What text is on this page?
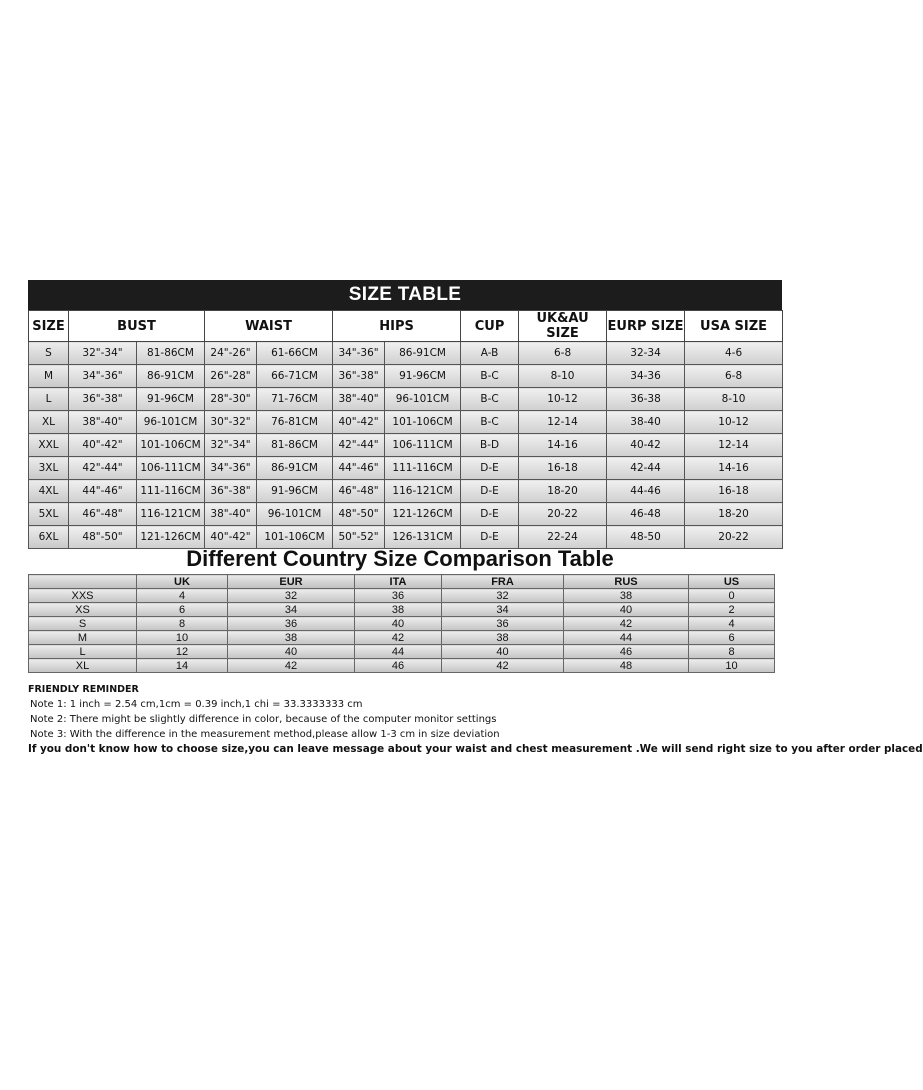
SIZE TABLE
SIZE	BUST		WAIST		HIPS		CUP	UK&AU SIZE	EURP SIZE	USA SIZE
S	32"-34"	81-86CM	24"-26"	61-66CM	34"-36"	86-91CM	A-B	6-8	32-34	4-6
M	34"-36"	86-91CM	26"-28"	66-71CM	36"-38"	91-96CM	B-C	8-10	34-36	6-8
L	36"-38"	91-96CM	28"-30"	71-76CM	38"-40"	96-101CM	B-C	10-12	36-38	8-10
XL	38"-40"	96-101CM	30"-32"	76-81CM	40"-42"	101-106CM	B-C	12-14	38-40	10-12
XXL	40"-42"	101-106CM	32"-34"	81-86CM	42"-44"	106-111CM	B-D	14-16	40-42	12-14
3XL	42"-44"	106-111CM	34"-36"	86-91CM	44"-46"	111-116CM	D-E	16-18	42-44	14-16
4XL	44"-46"	111-116CM	36"-38"	91-96CM	46"-48"	116-121CM	D-E	18-20	44-46	16-18
5XL	46"-48"	116-121CM	38"-40"	96-101CM	48"-50"	121-126CM	D-E	20-22	46-48	18-20
6XL	48"-50"	121-126CM	40"-42"	101-106CM	50"-52"	126-131CM	D-E	22-24	48-50	20-22
Different Country Size Comparison Table
	UK	EUR	ITA	FRA	RUS	US
XXS	4	32	36	32	38	0
XS	6	34	38	34	40	2
S	8	36	40	36	42	4
M	10	38	42	38	44	6
L	12	40	44	40	46	8
XL	14	42	46	42	48	10
FRIENDLY REMINDER
Note 1: 1 inch = 2.54 cm,1cm = 0.39 inch,1 chi = 33.3333333 cm
Note 2: There might be slightly difference in color, because of the computer monitor settings
Note 3: With the difference in the measurement method,please allow 1-3 cm in size deviation
If you don't know how to choose size,you can leave message about your waist and chest measurement .We will send right size to you after order placed
